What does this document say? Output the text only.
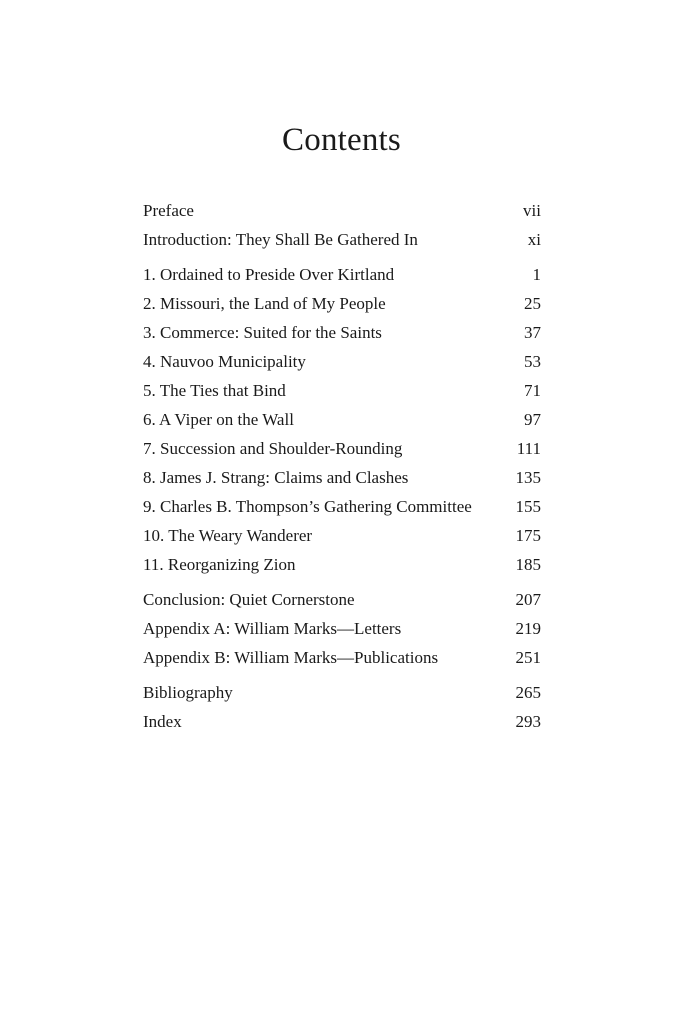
Contents
Preface	vii
Introduction: They Shall Be Gathered In	xi
1. Ordained to Preside Over Kirtland	1
2. Missouri, the Land of My People	25
3. Commerce: Suited for the Saints	37
4. Nauvoo Municipality	53
5. The Ties that Bind	71
6. A Viper on the Wall	97
7. Succession and Shoulder-Rounding	111
8. James J. Strang: Claims and Clashes	135
9. Charles B. Thompson’s Gathering Committee	155
10. The Weary Wanderer	175
11. Reorganizing Zion	185
Conclusion: Quiet Cornerstone	207
Appendix A: William Marks—Letters	219
Appendix B: William Marks—Publications	251
Bibliography	265
Index	293
